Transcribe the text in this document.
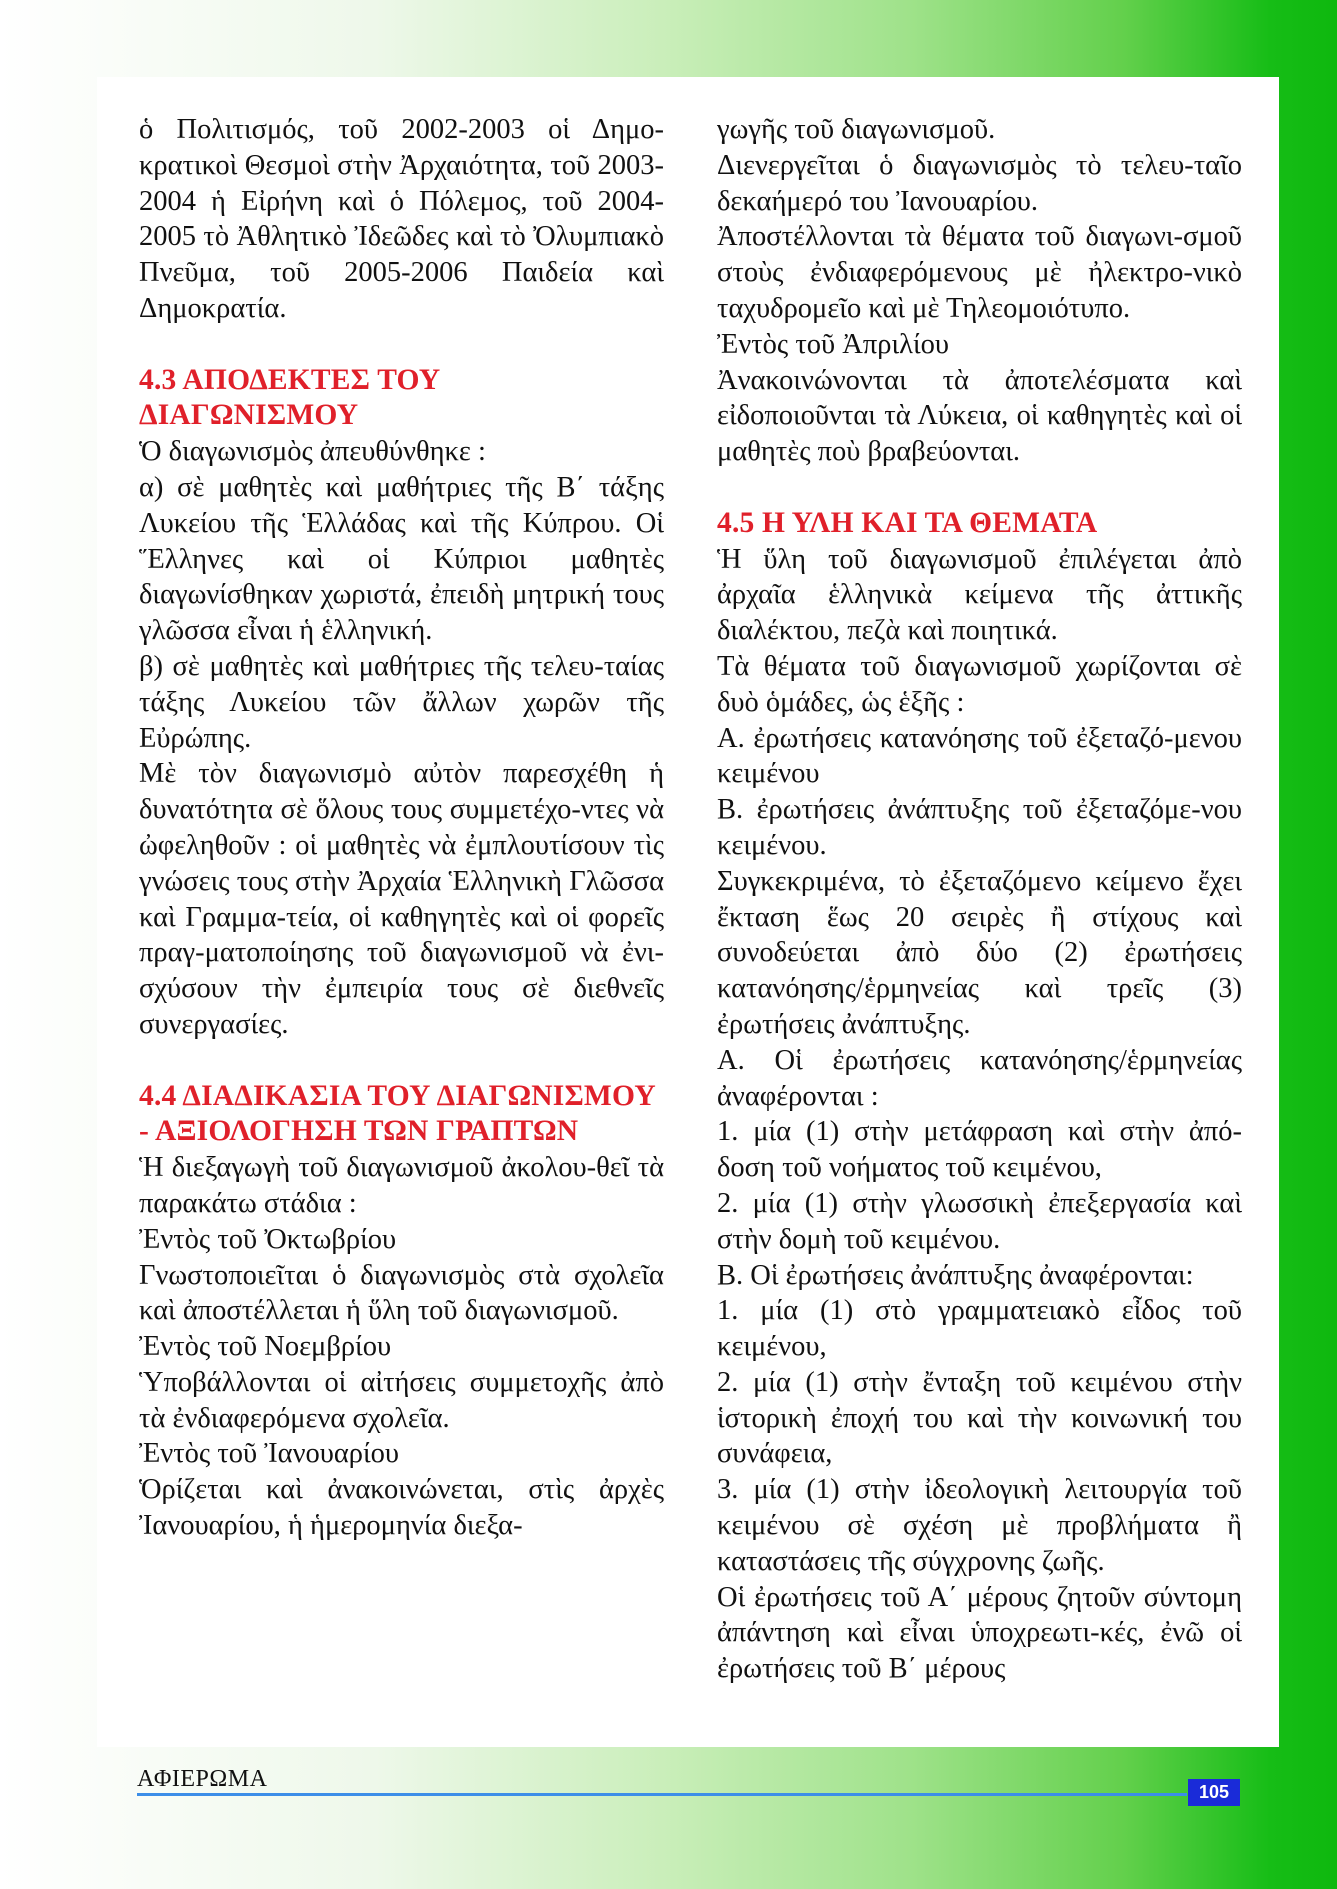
ὁ Πολιτισμός, τοῦ 2002-2003 οἱ Δημο-κρατικοὶ Θεσμοὶ στὴν Ἀρχαιότητα, τοῦ 2003-2004 ἡ Εἰρήνη καὶ ὁ Πόλεμος, τοῦ 2004-2005 τὸ Ἀθλητικὸ Ἰδεῶδες καὶ τὸ Ὀλυμπιακὸ Πνεῦμα, τοῦ 2005-2006 Παιδεία καὶ Δημοκρατία.

4.3 ΑΠΟΔΕΚΤΕΣ ΤΟΥ ΔΙΑΓΩΝΙΣΜΟΥ

Ὁ διαγωνισμὸς ἀπευθύνθηκε :

α) σὲ μαθητὲς καὶ μαθήτριες τῆς Β΄ τάξης Λυκείου τῆς Ἑλλάδας καὶ τῆς Κύπρου. Οἱ Ἕλληνες καὶ οἱ Κύπριοι μαθητὲς διαγωνίσθηκαν χωριστά, ἐπειδὴ μητρική τους γλῶσσα εἶναι ἡ ἑλληνική.

β) σὲ μαθητὲς καὶ μαθήτριες τῆς τελευ-ταίας τάξης Λυκείου τῶν ἄλλων χωρῶν τῆς Εὐρώπης.

Μὲ τὸν διαγωνισμὸ αὐτὸν παρεσχέθη ἡ δυνατότητα σὲ ὅλους τους συμμετέχο-ντες νὰ ὠφεληθοῦν : οἱ μαθητὲς νὰ ἐμπλουτίσουν τὶς γνώσεις τους στὴν Ἀρχαία Ἑλληνικὴ Γλῶσσα καὶ Γραμμα-τεία, οἱ καθηγητὲς καὶ οἱ φορεῖς πραγ-ματοποίησης τοῦ διαγωνισμοῦ νὰ ἐνι-σχύσουν τὴν ἐμπειρία τους σὲ διεθνεῖς συνεργασίες.

4.4 ΔΙΑΔΙΚΑΣΙΑ ΤΟΥ ΔΙΑΓΩΝΙΣΜΟΥ - ΑΞΙΟΛΟΓΗΣΗ ΤΩΝ ΓΡΑΠΤΩΝ

Ἡ διεξαγωγὴ τοῦ διαγωνισμοῦ ἀκολου-θεῖ τὰ παρακάτω στάδια :

Ἐντὸς τοῦ Ὀκτωβρίου

Γνωστοποιεῖται ὁ διαγωνισμὸς στὰ σχολεῖα καὶ ἀποστέλλεται ἡ ὕλη τοῦ διαγωνισμοῦ.

Ἐντὸς τοῦ Νοεμβρίου

Ὑποβάλλονται οἱ αἰτήσεις συμμετοχῆς ἀπὸ τὰ ἐνδιαφερόμενα σχολεῖα.

Ἐντὸς τοῦ Ἰανουαρίου

Ὁρίζεται καὶ ἀνακοινώνεται, στὶς ἀρχὲς Ἰανουαρίου, ἡ ἡμερομηνία διεξα-

γωγῆς τοῦ διαγωνισμοῦ.

Διενεργεῖται ὁ διαγωνισμὸς τὸ τελευ-ταῖο δεκαήμερό του Ἰανουαρίου.

Ἀποστέλλονται τὰ θέματα τοῦ διαγωνι-σμοῦ στοὺς ἐνδιαφερόμενους μὲ ἠλεκτρο-νικὸ ταχυδρομεῖο καὶ μὲ Τηλεομοιότυπο.

Ἐντὸς τοῦ Ἀπριλίου

Ἀνακοινώνονται τὰ ἀποτελέσματα καὶ εἰδοποιοῦνται τὰ Λύκεια, οἱ καθηγητὲς καὶ οἱ μαθητὲς ποὺ βραβεύονται.

4.5 Η ΥΛΗ ΚΑΙ ΤΑ ΘΕΜΑΤΑ

Ἡ ὕλη τοῦ διαγωνισμοῦ ἐπιλέγεται ἀπὸ ἀρχαῖα ἑλληνικὰ κείμενα τῆς ἀττικῆς διαλέκτου, πεζὰ καὶ ποιητικά.

Τὰ θέματα τοῦ διαγωνισμοῦ χωρίζονται σὲ δυὸ ὁμάδες, ὡς ἑξῆς :

Α. ἐρωτήσεις κατανόησης τοῦ ἐξεταζό-μενου κειμένου

Β. ἐρωτήσεις ἀνάπτυξης τοῦ ἐξεταζόμε-νου κειμένου.

Συγκεκριμένα, τὸ ἐξεταζόμενο κείμενο ἔχει ἔκταση ἕως 20 σειρὲς ἢ στίχους καὶ συνοδεύεται ἀπὸ δύο (2) ἐρωτήσεις κατανόησης/ἑρμηνείας καὶ τρεῖς (3) ἐρωτήσεις ἀνάπτυξης.

Α. Οἱ ἐρωτήσεις κατανόησης/ἑρμηνείας ἀναφέρονται :

1. μία (1) στὴν μετάφραση καὶ στὴν ἀπό-δοση τοῦ νοήματος τοῦ κειμένου,

2. μία (1) στὴν γλωσσικὴ ἐπεξεργασία καὶ στὴν δομὴ τοῦ κειμένου.

Β. Οἱ ἐρωτήσεις ἀνάπτυξης ἀναφέρονται:

1. μία (1) στὸ γραμματειακὸ εἶδος τοῦ κειμένου,

2. μία (1) στὴν ἔνταξη τοῦ κειμένου στὴν ἱστορικὴ ἐποχή του καὶ τὴν κοινωνική του συνάφεια,

3. μία (1) στὴν ἰδεολογικὴ λειτουργία τοῦ κειμένου σὲ σχέση μὲ προβλήματα ἢ καταστάσεις τῆς σύγχρονης ζωῆς.

Οἱ ἐρωτήσεις τοῦ Α΄ μέρους ζητοῦν σύντομη ἀπάντηση καὶ εἶναι ὑποχρεωτι-κές, ἐνῶ οἱ ἐρωτήσεις τοῦ Β΄ μέρους

ΑΦΙΕΡΩΜΑ	105
